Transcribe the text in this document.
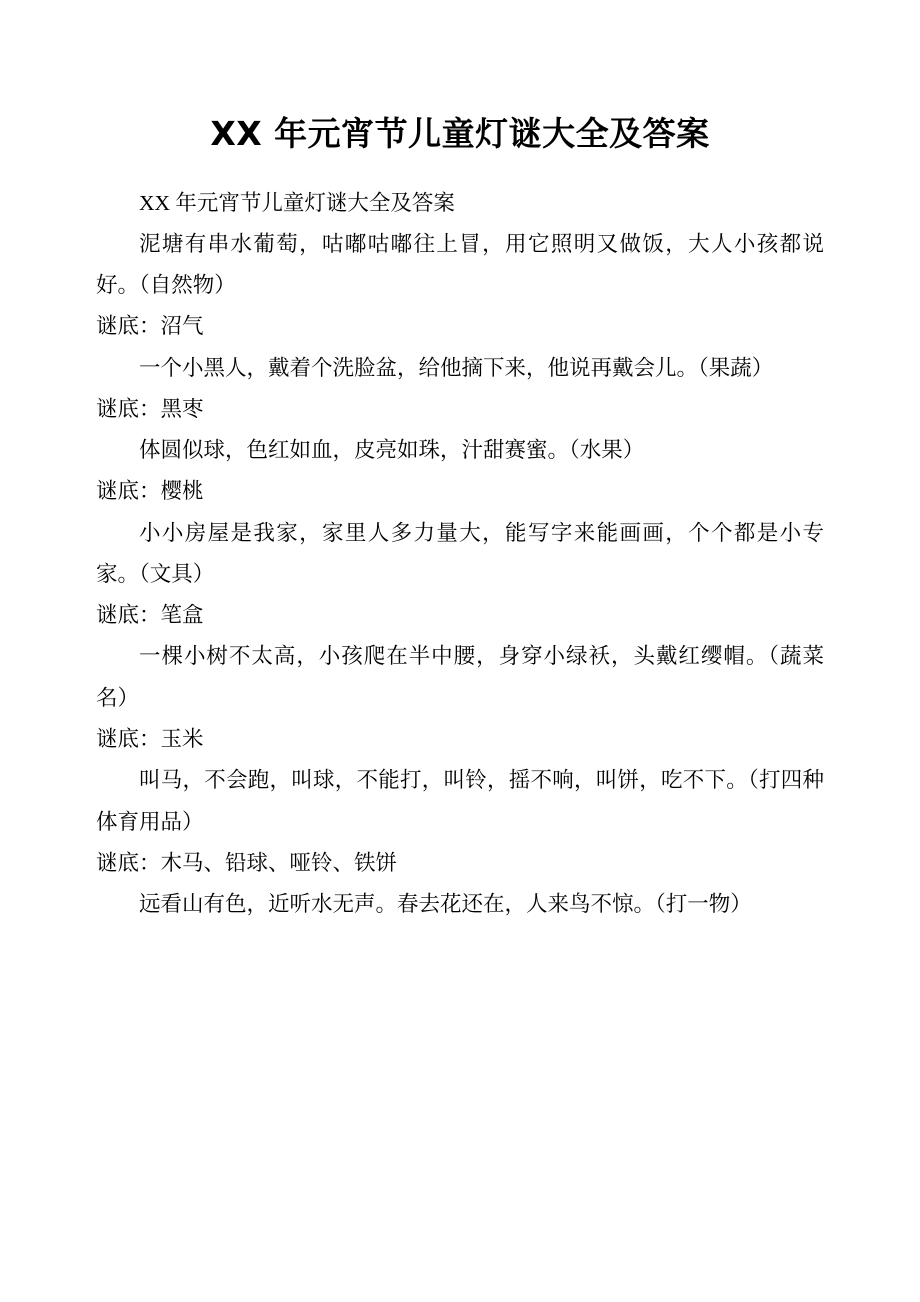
XX 年元宵节儿童灯谜大全及答案

XX 年元宵节儿童灯谜大全及答案

泥塘有串水葡萄，咕嘟咕嘟往上冒，用它照明又做饭，大人小孩都说好。（自然物）

谜底：沼气

一个小黑人，戴着个洗脸盆，给他摘下来，他说再戴会儿。（果蔬）

谜底：黑枣

体圆似球，色红如血，皮亮如珠，汁甜赛蜜。（水果）

谜底：樱桃

小小房屋是我家，家里人多力量大，能写字来能画画，个个都是小专家。（文具）

谜底：笔盒

一棵小树不太高，小孩爬在半中腰，身穿小绿袄，头戴红缨帽。（蔬菜名）

谜底：玉米

叫马，不会跑，叫球，不能打，叫铃，摇不响，叫饼，吃不下。（打四种体育用品）

谜底：木马、铅球、哑铃、铁饼

远看山有色，近听水无声。春去花还在，人来鸟不惊。（打一物）
